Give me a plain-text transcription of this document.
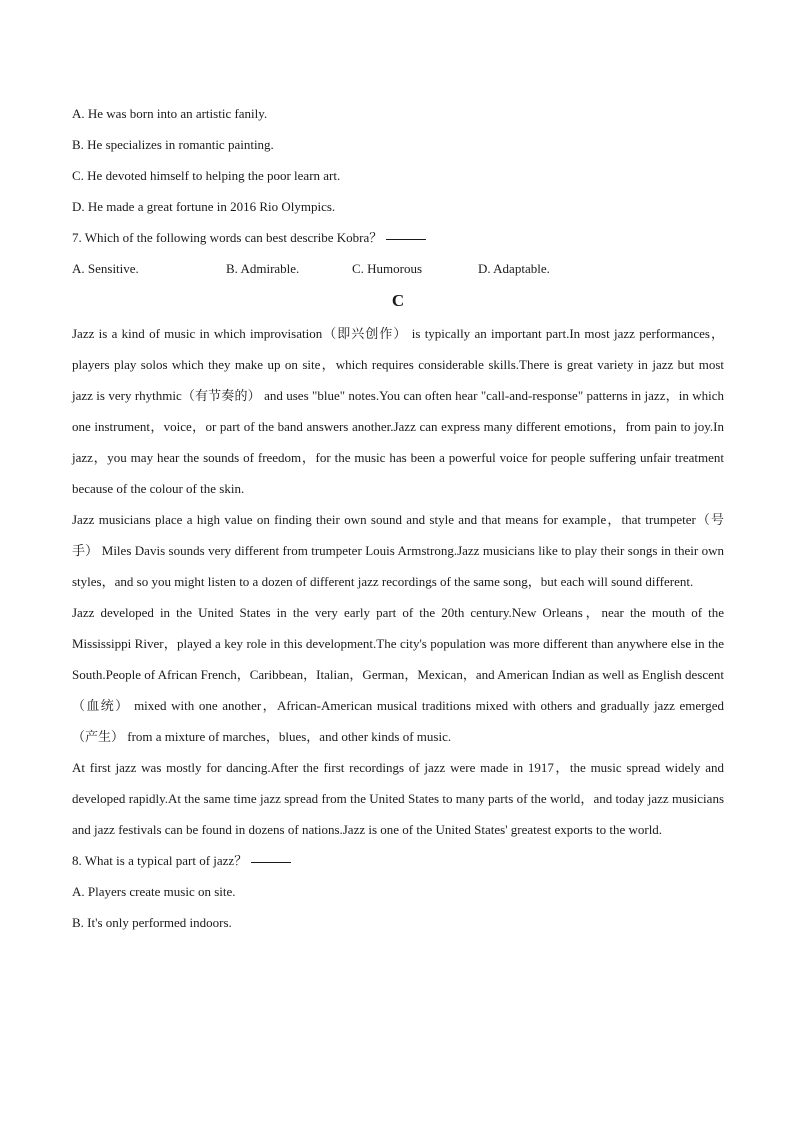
A. He was born into an artistic fanily.

B. He specializes in romantic painting.

C. He devoted himself to helping the poor learn art.

D. He made a great fortune in 2016 Rio Olympics.

7. Which of the following words can best describe Kobra？

A. Sensitive.	B. Admirable.	C. Humorous	D. Adaptable.

C

Jazz is a kind of music in which improvisation（即兴创作） is typically an important part.In most jazz performances，players play solos which they make up on site，which requires considerable skills.There is great variety in jazz but most jazz is very rhythmic（有节奏的） and uses "blue" notes.You can often hear "call-and-response" patterns in jazz，in which one instrument，voice，or part of the band answers another.Jazz can express many different emotions，from pain to joy.In jazz，you may hear the sounds of freedom，for the music has been a powerful voice for people suffering unfair treatment because of the colour of the skin.

Jazz musicians place a high value on finding their own sound and style and that means for example，that trumpeter（号手） Miles Davis sounds very different from trumpeter Louis Armstrong.Jazz musicians like to play their songs in their own styles，and so you might listen to a dozen of different jazz recordings of the same song，but each will sound different.

Jazz developed in the United States in the very early part of the 20th century.New Orleans，near the mouth of the Mississippi River，played a key role in this development.The city's population was more different than anywhere else in the South.People of African French，Caribbean，Italian，German，Mexican，and American Indian as well as English descent（血统） mixed with one another，African-American musical traditions mixed with others and gradually jazz emerged（产生） from a mixture of marches，blues，and other kinds of music.

At first jazz was mostly for dancing.After the first recordings of jazz were made in 1917，the music spread widely and developed rapidly.At the same time jazz spread from the United States to many parts of the world，and today jazz musicians and jazz festivals can be found in dozens of nations.Jazz is one of the United States' greatest exports to the world.

8. What is a typical part of jazz？

A. Players create music on site.

B. It's only performed indoors.
